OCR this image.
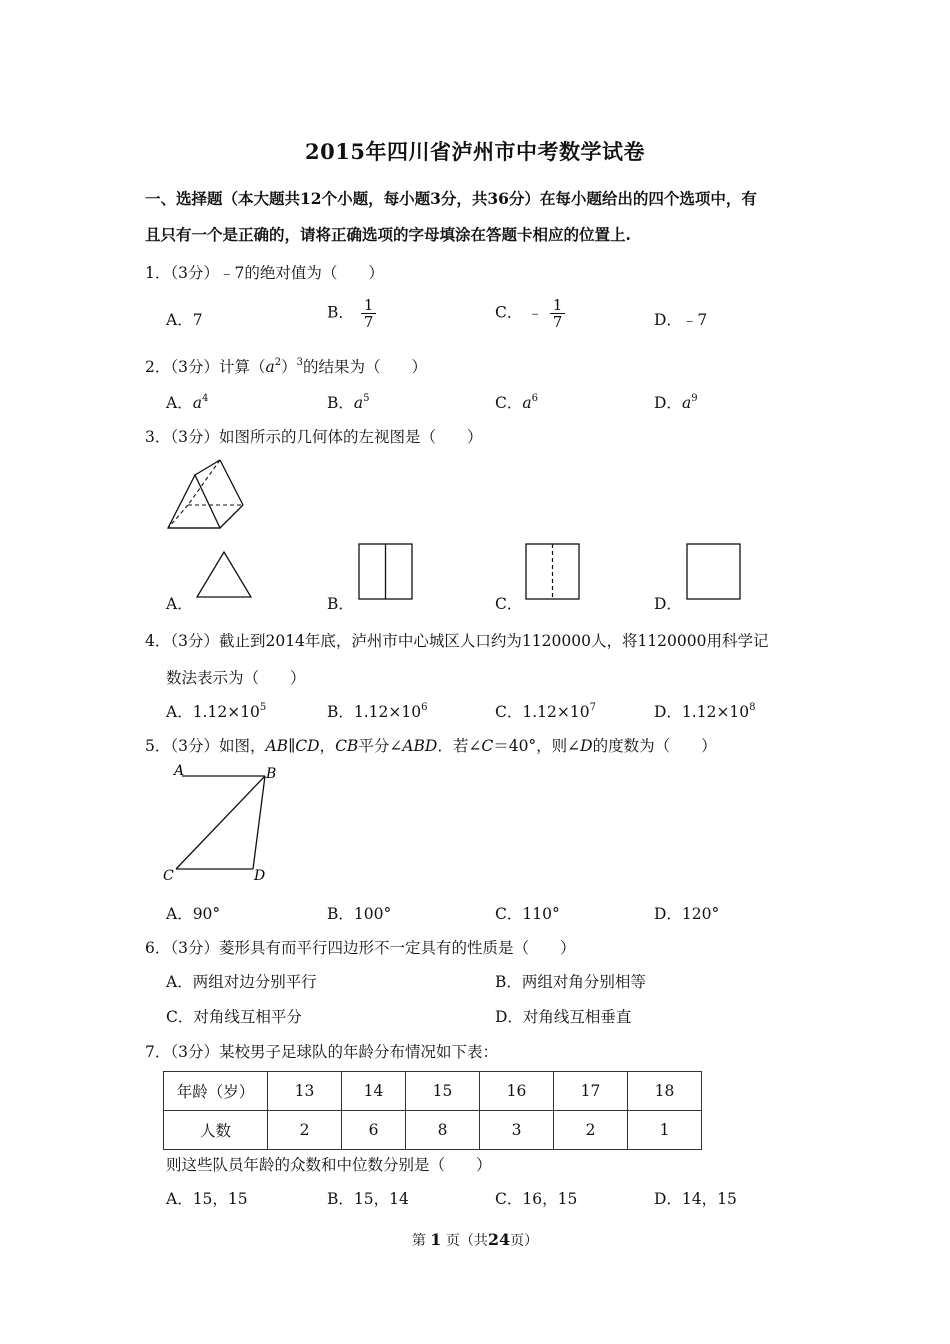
2015年四川省泸州市中考数学试卷
一、选择题（本大题共12个小题，每小题3分，共36分）在每小题给出的四个选项中，有
且只有一个是正确的，请将正确选项的字母填涂在答题卡相应的位置上.
1．（3分）﹣7的绝对值为（　　）
A．7	B． $\frac{1}{7}$	C． ﹣ $\frac{1}{7}$	D．﹣7
2．（3分）计算$(a^2)^3$的结果为（　　）
A．$a^4$	B．$a^5$	C．$a^6$	D．$a^9$
3．（3分）如图所示的几何体的左视图是（　　）
A．	B．	C．	D．
4．（3分）截止到2014年底，泸州市中心城区人口约为1120000人，将1120000用科学记
数法表示为（　　）
A．$1.12\times 10^5$	B．$1.12\times 10^6$	C．$1.12\times 10^7$	D．$1.12\times 10^8$
5．（3分）如图，AB∥CD，CB平分∠ABD．若∠C＝40°，则∠D的度数为（　　）
A	B
C	D
A．90°	B．100°	C．110°	D．120°
6．（3分）菱形具有而平行四边形不一定具有的性质是（　　）
A．两组对边分别平行	B．两组对角分别相等
C．对角线互相平分	D．对角线互相垂直
7．（3分）某校男子足球队的年龄分布情况如下表：
年龄（岁）	13	14	15	16	17	18
人数	2	6	8	3	2	1
则这些队员年龄的众数和中位数分别是（　　）
A．15，15	B．15，14	C．16，15	D．14，15
第 1 页（共24页）
